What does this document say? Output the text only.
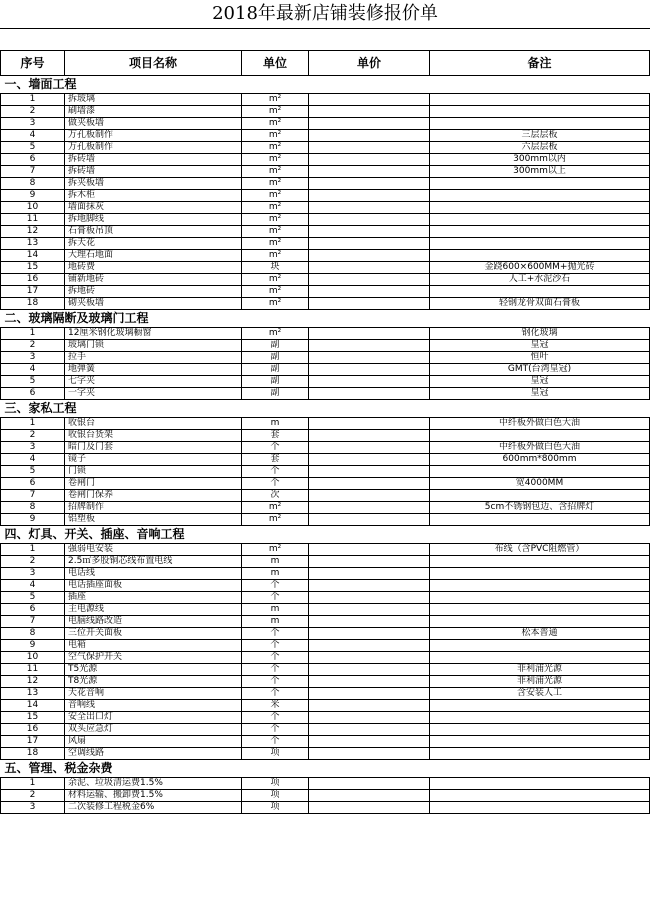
2018年最新店铺装修报价单
序号	项目名称	单位	单价	备注
一、墙面工程				
1	拆玻璃	m²		
2	刷墙漆	m²		
3	做夹板墙	m²		
4	万孔板制作	m²		三层层板
5	万孔板制作	m²		六层层板
6	拆砖墙	m²		300mm以内
7	拆砖墙	m²		300mm以上
8	拆夹板墙	m²		
9	拆木柜	m²		
10	墙面抹灰	m²		
11	拆地脚线	m²		
12	石膏板吊顶	m²		
13	拆天花	m²		
14	大理石地面	m²		
15	地砖费	块		金跷600×600MM+抛光砖
16	铺新地砖	m²		人工+水泥沙石
17	拆地砖	m²		
18	砌夹板墙	m²		轻钢龙骨双面石膏板
二、玻璃隔断及玻璃门工程				
1	12厘米钢化玻璃橱窗	m²		钢化玻璃
2	玻璃门锁	副		皇冠
3	拉手	副		恒叶
4	地弹簧	副		GMT(台湾皇冠)
5	七字夹	副		皇冠
6	一字夹	副		皇冠
三、家私工程				
1	收银台	m		中纤板外做白色大油
2	收银台货架	套		
3	暗门及门套	个		中纤板外做白色大油
4	镜子	套		600mm*800mm
5	门锁	个		
6	卷闸门	个		宽4000MM
7	卷闸门保养	次		
8	招牌制作	m²		5cm不锈钢包边、含招牌灯
9	铝塑板	m²		
四、灯具、开关、插座、音响工程				
1	强弱电安装	m²		布线（含PVC阻燃管）
2	2.5㎡多股铜芯线布置电线	m		
3	电话线	m		
4	电话插座面板	个		
5	插座	个		
6	主电源线	m		
7	电脑线路改造	m		
8	三位开关面板	个		松本普通
9	电箱	个		
10	空气保护开关	个		
11	T5光源	个		菲利浦光源
12	T8光源	个		菲利浦光源
13	天花音响	个		含安装人工
14	音响线	米		
15	安全出口灯	个		
16	双头应急灯	个		
17	风扇	个		
18	空调线路	项		
五、管理、税金杂费				
1	余泥、垃圾清运费1.5%	项		
2	材料运输、搬卸费1.5%	项		
3	二次装修工程税金6%	项		
